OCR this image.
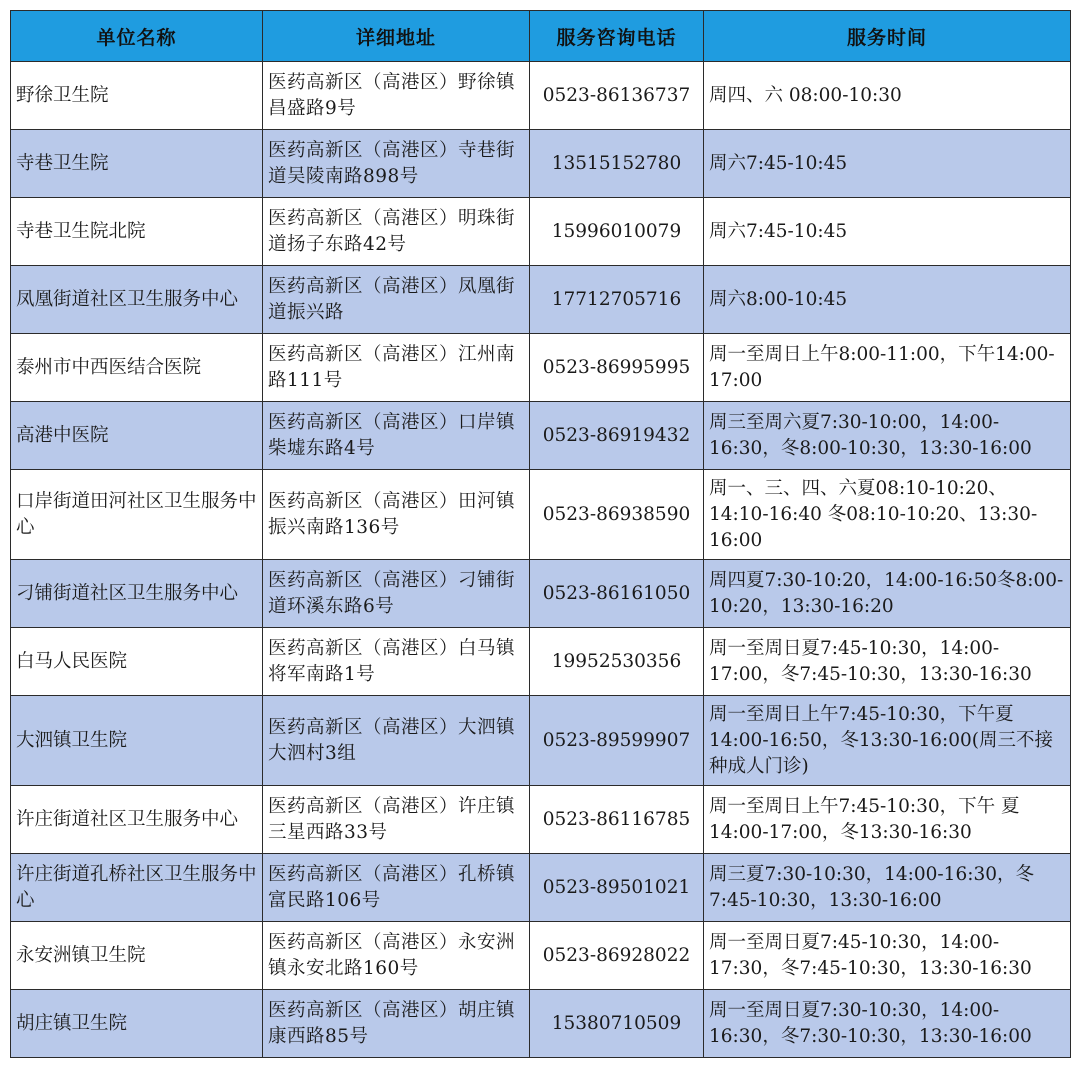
单位名称	详细地址	服务咨询电话	服务时间
野徐卫生院	医药高新区（高港区）野徐镇昌盛路9号	0523-86136737	周四、六 08:00-10:30
寺巷卫生院	医药高新区（高港区）寺巷街道吴陵南路898号	13515152780	周六7:45-10:45
寺巷卫生院北院	医药高新区（高港区）明珠街道扬子东路42号	15996010079	周六7:45-10:45
凤凰街道社区卫生服务中心	医药高新区（高港区）凤凰街道振兴路	17712705716	周六8:00-10:45
泰州市中西医结合医院	医药高新区（高港区）江州南路111号	0523-86995995	周一至周日上午8:00-11:00，下午14:00-17:00
高港中医院	医药高新区（高港区）口岸镇柴墟东路4号	0523-86919432	周三至周六夏7:30-10:00，14:00-16:30，冬8:00-10:30，13:30-16:00
口岸街道田河社区卫生服务中心	医药高新区（高港区）田河镇振兴南路136号	0523-86938590	周一、三、四、六夏08:10-10:20、14:10-16:40 冬08:10-10:20、13:30-16:00
刁铺街道社区卫生服务中心	医药高新区（高港区）刁铺街道环溪东路6号	0523-86161050	周四夏7:30-10:20，14:00-16:50冬8:00-10:20，13:30-16:20
白马人民医院	医药高新区（高港区）白马镇将军南路1号	19952530356	周一至周日夏7:45-10:30，14:00-17:00，冬7:45-10:30，13:30-16:30
大泗镇卫生院	医药高新区（高港区）大泗镇大泗村3组	0523-89599907	周一至周日上午7:45-10:30，下午夏14:00-16:50，冬13:30-16:00(周三不接种成人门诊)
许庄街道社区卫生服务中心	医药高新区（高港区）许庄镇三星西路33号	0523-86116785	周一至周日上午7:45-10:30，下午 夏14:00-17:00，冬13:30-16:30
许庄街道孔桥社区卫生服务中心	医药高新区（高港区）孔桥镇富民路106号	0523-89501021	周三夏7:30-10:30，14:00-16:30，冬7:45-10:30，13:30-16:00
永安洲镇卫生院	医药高新区（高港区）永安洲镇永安北路160号	0523-86928022	周一至周日夏7:45-10:30，14:00-17:30，冬7:45-10:30，13:30-16:30
胡庄镇卫生院	医药高新区（高港区）胡庄镇康西路85号	15380710509	周一至周日夏7:30-10:30，14:00-16:30，冬7:30-10:30，13:30-16:00
